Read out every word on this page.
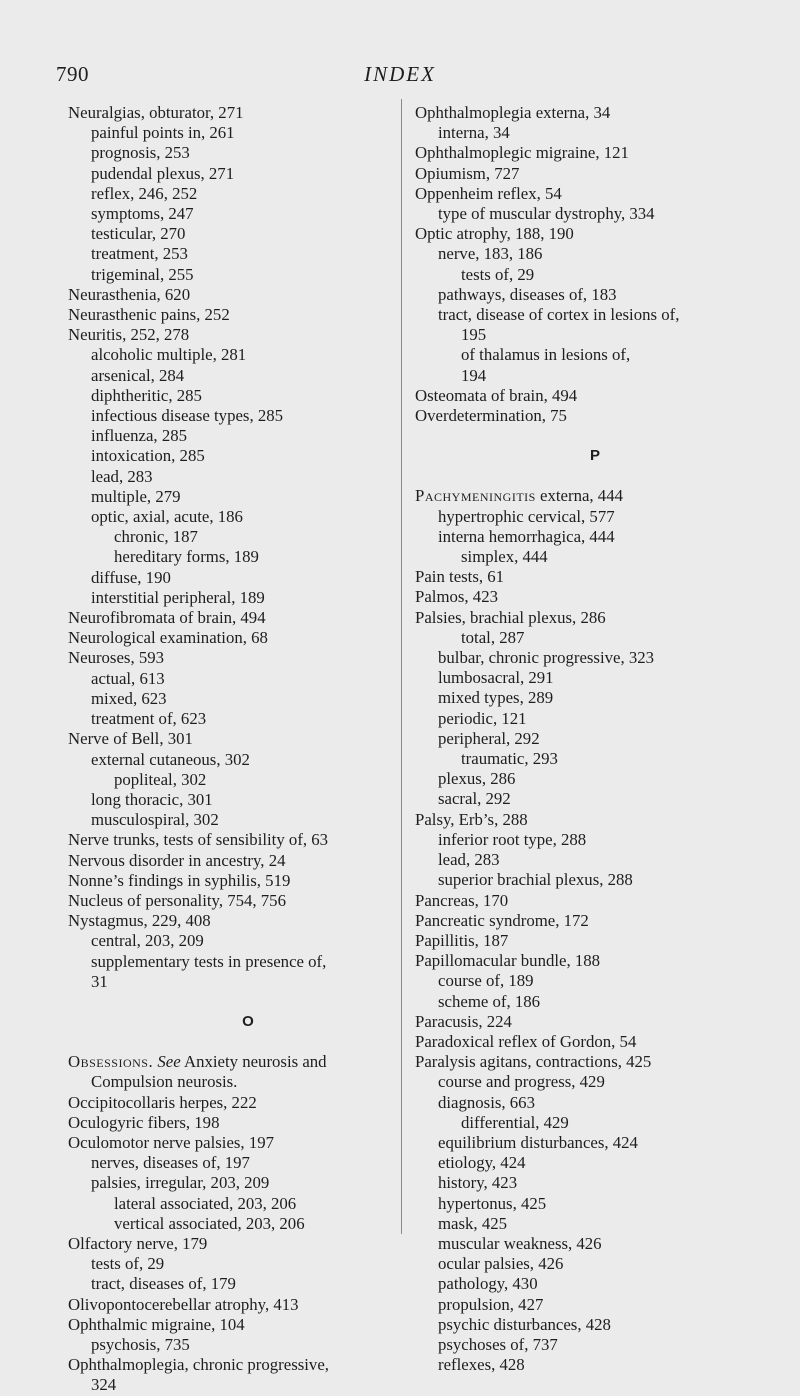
790	INDEX
Neuralgias, obturator, 271
painful points in, 261
prognosis, 253
pudendal plexus, 271
reflex, 246, 252
symptoms, 247
testicular, 270
treatment, 253
trigeminal, 255
Neurasthenia, 620
Neurasthenic pains, 252
Neuritis, 252, 278
alcoholic multiple, 281
arsenical, 284
diphtheritic, 285
infectious disease types, 285
influenza, 285
intoxication, 285
lead, 283
multiple, 279
optic, axial, acute, 186
chronic, 187
hereditary forms, 189
diffuse, 190
interstitial peripheral, 189
Neurofibromata of brain, 494
Neurological examination, 68
Neuroses, 593
actual, 613
mixed, 623
treatment of, 623
Nerve of Bell, 301
external cutaneous, 302
popliteal, 302
long thoracic, 301
musculospiral, 302
Nerve trunks, tests of sensibility of, 63
Nervous disorder in ancestry, 24
Nonne’s findings in syphilis, 519
Nucleus of personality, 754, 756
Nystagmus, 229, 408
central, 203, 209
supplementary tests in presence of,
31
O
Obsessions. See Anxiety neurosis and
Compulsion neurosis.
Occipitocollaris herpes, 222
Oculogyric fibers, 198
Oculomotor nerve palsies, 197
nerves, diseases of, 197
palsies, irregular, 203, 209
lateral associated, 203, 206
vertical associated, 203, 206
Olfactory nerve, 179
tests of, 29
tract, diseases of, 179
Olivopontocerebellar atrophy, 413
Ophthalmic migraine, 104
psychosis, 735
Ophthalmoplegia, chronic progressive,
324
Ophthalmoplegia externa, 34
interna, 34
Ophthalmoplegic migraine, 121
Opiumism, 727
Oppenheim reflex, 54
type of muscular dystrophy, 334
Optic atrophy, 188, 190
nerve, 183, 186
tests of, 29
pathways, diseases of, 183
tract, disease of cortex in lesions of,
195
of thalamus in lesions of,
194
Osteomata of brain, 494
Overdetermination, 75
P
Pachymeningitis externa, 444
hypertrophic cervical, 577
interna hemorrhagica, 444
simplex, 444
Pain tests, 61
Palmos, 423
Palsies, brachial plexus, 286
total, 287
bulbar, chronic progressive, 323
lumbosacral, 291
mixed types, 289
periodic, 121
peripheral, 292
traumatic, 293
plexus, 286
sacral, 292
Palsy, Erb’s, 288
inferior root type, 288
lead, 283
superior brachial plexus, 288
Pancreas, 170
Pancreatic syndrome, 172
Papillitis, 187
Papillomacular bundle, 188
course of, 189
scheme of, 186
Paracusis, 224
Paradoxical reflex of Gordon, 54
Paralysis agitans, contractions, 425
course and progress, 429
diagnosis, 663
differential, 429
equilibrium disturbances, 424
etiology, 424
history, 423
hypertonus, 425
mask, 425
muscular weakness, 426
ocular palsies, 426
pathology, 430
propulsion, 427
psychic disturbances, 428
psychoses of, 737
reflexes, 428
